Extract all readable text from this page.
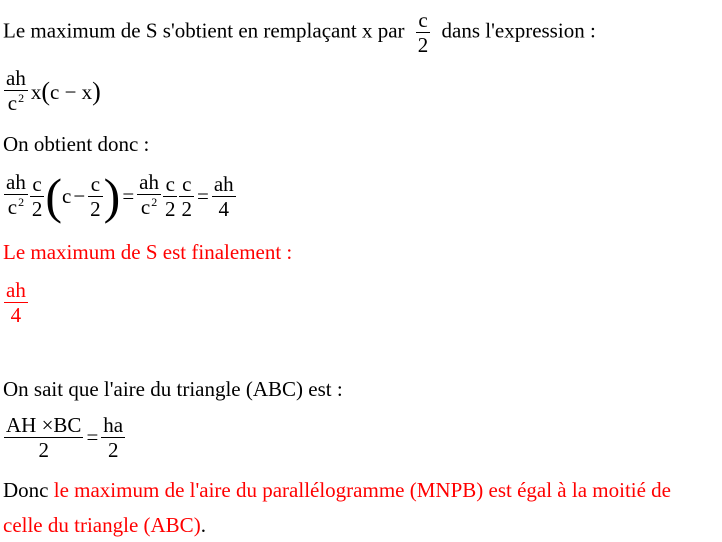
Le maximum de S s'obtient en remplaçant x par $\frac{c}{2}$ dans l'expression :
$\frac{ah}{c^2}$ x ( c − x )
On obtient donc :
$\frac{ah}{c^2} \frac{c}{2}$ ( $c - \frac{c}{2}$ ) = $\frac{ah}{c^2} \frac{c}{2} \frac{c}{2} = \frac{ah}{4}$
Le maximum de S est finalement :
$\frac{ah}{4}$
On sait que l'aire du triangle (ABC) est :
$\frac{AH \times BC}{2} = \frac{ha}{2}$
Donc le maximum de l'aire du parallélogramme (MNPB) est égal à la moitié de
celle du triangle (ABC).
